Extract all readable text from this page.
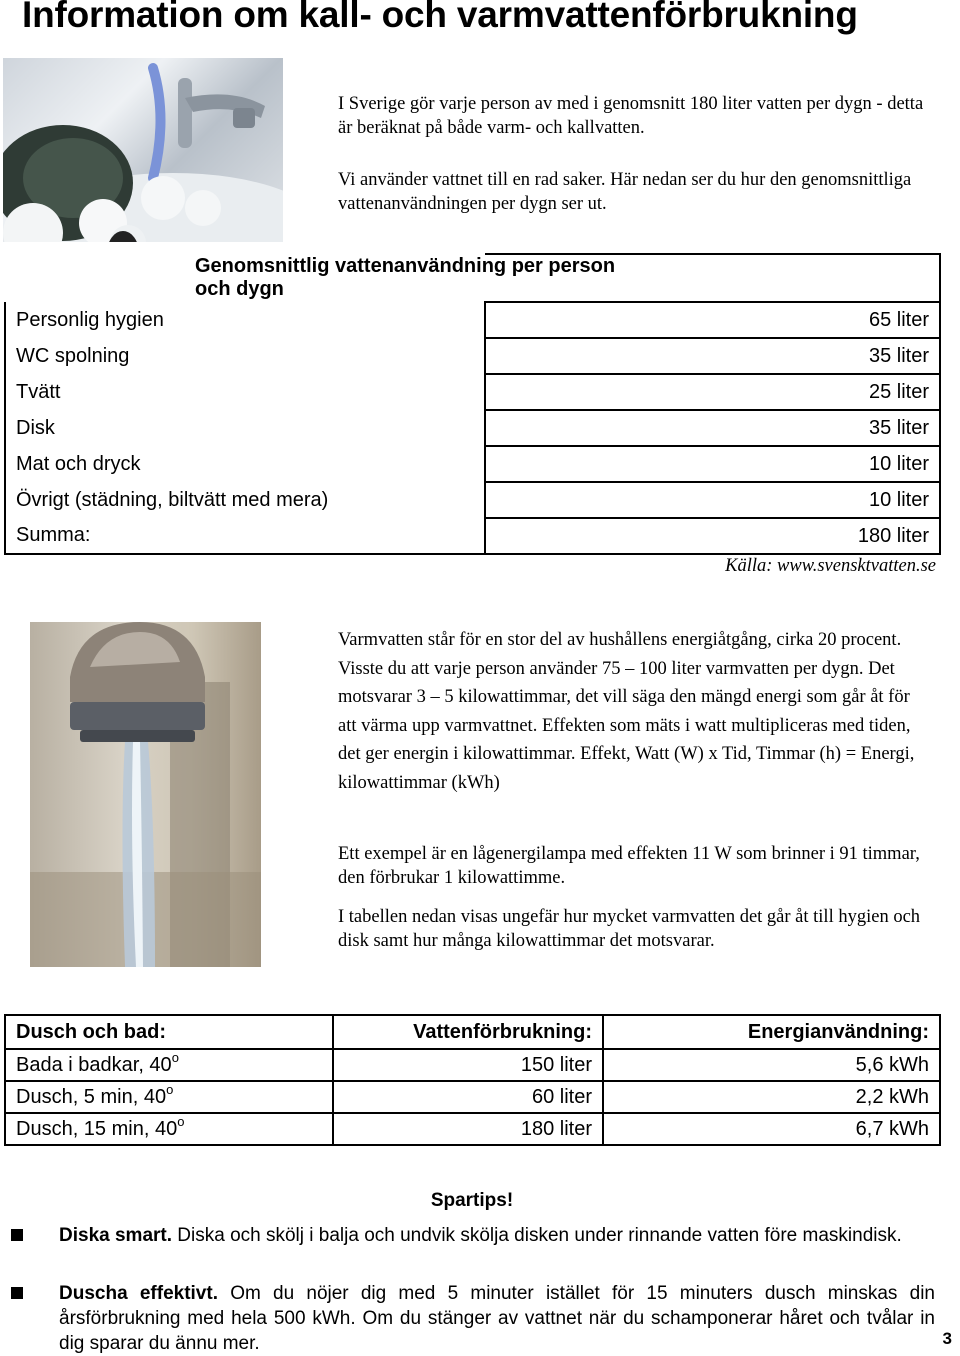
Information om kall- och varmvattenförbrukning
I Sverige gör varje person av med i genomsnitt 180 liter vatten per dygn - detta är beräknat på både varm- och kallvatten.
Vi använder vattnet till en rad saker. Här nedan ser du hur den genomsnittliga vattenanvändningen per dygn ser ut.
	Genomsnittlig vattenanvändning per person och dygn
Personlig hygien	65 liter
WC spolning	35 liter
Tvätt	25 liter
Disk	35 liter
Mat och dryck	10 liter
Övrigt (städning, biltvätt med mera)	10 liter
Summa:	180 liter
Källa: www.svensktvatten.se
Varmvatten står för en stor del av hushållens energiåtgång, cirka 20 procent. Visste du att varje person använder 75 – 100 liter varmvatten per dygn. Det motsvarar 3 – 5 kilowattimmar, det vill säga den mängd energi som går åt för att värma upp varmvattnet. Effekten som mäts i watt multipliceras med tiden, det ger energin i kilowattimmar. Effekt, Watt (W) x Tid, Timmar (h) = Energi, kilowattimmar (kWh)
Ett exempel är en lågenergilampa med effekten 11 W som brinner i 91 timmar, den förbrukar 1 kilowattimme.
I tabellen nedan visas ungefär hur mycket varmvatten det går åt till hygien och disk samt hur många kilowattimmar det motsvarar.
Dusch och bad:	Vattenförbrukning:	Energianvändning:
Bada i badkar, 40$^o$	150 liter	5,6 kWh
Dusch, 5 min, 40$^o$	60 liter	2,2 kWh
Dusch, 15 min, 40$^o$	180 liter	6,7 kWh
Spartips!
Diska smart. Diska och skölj i balja och undvik skölja disken under rinnande vatten före maskindisk.
Duscha effektivt. Om du nöjer dig med 5 minuter istället för 15 minuters dusch minskas din årsförbrukning med hela 500 kWh. Om du stänger av vattnet när du schamponerar håret och tvålar in dig sparar du ännu mer.	3
